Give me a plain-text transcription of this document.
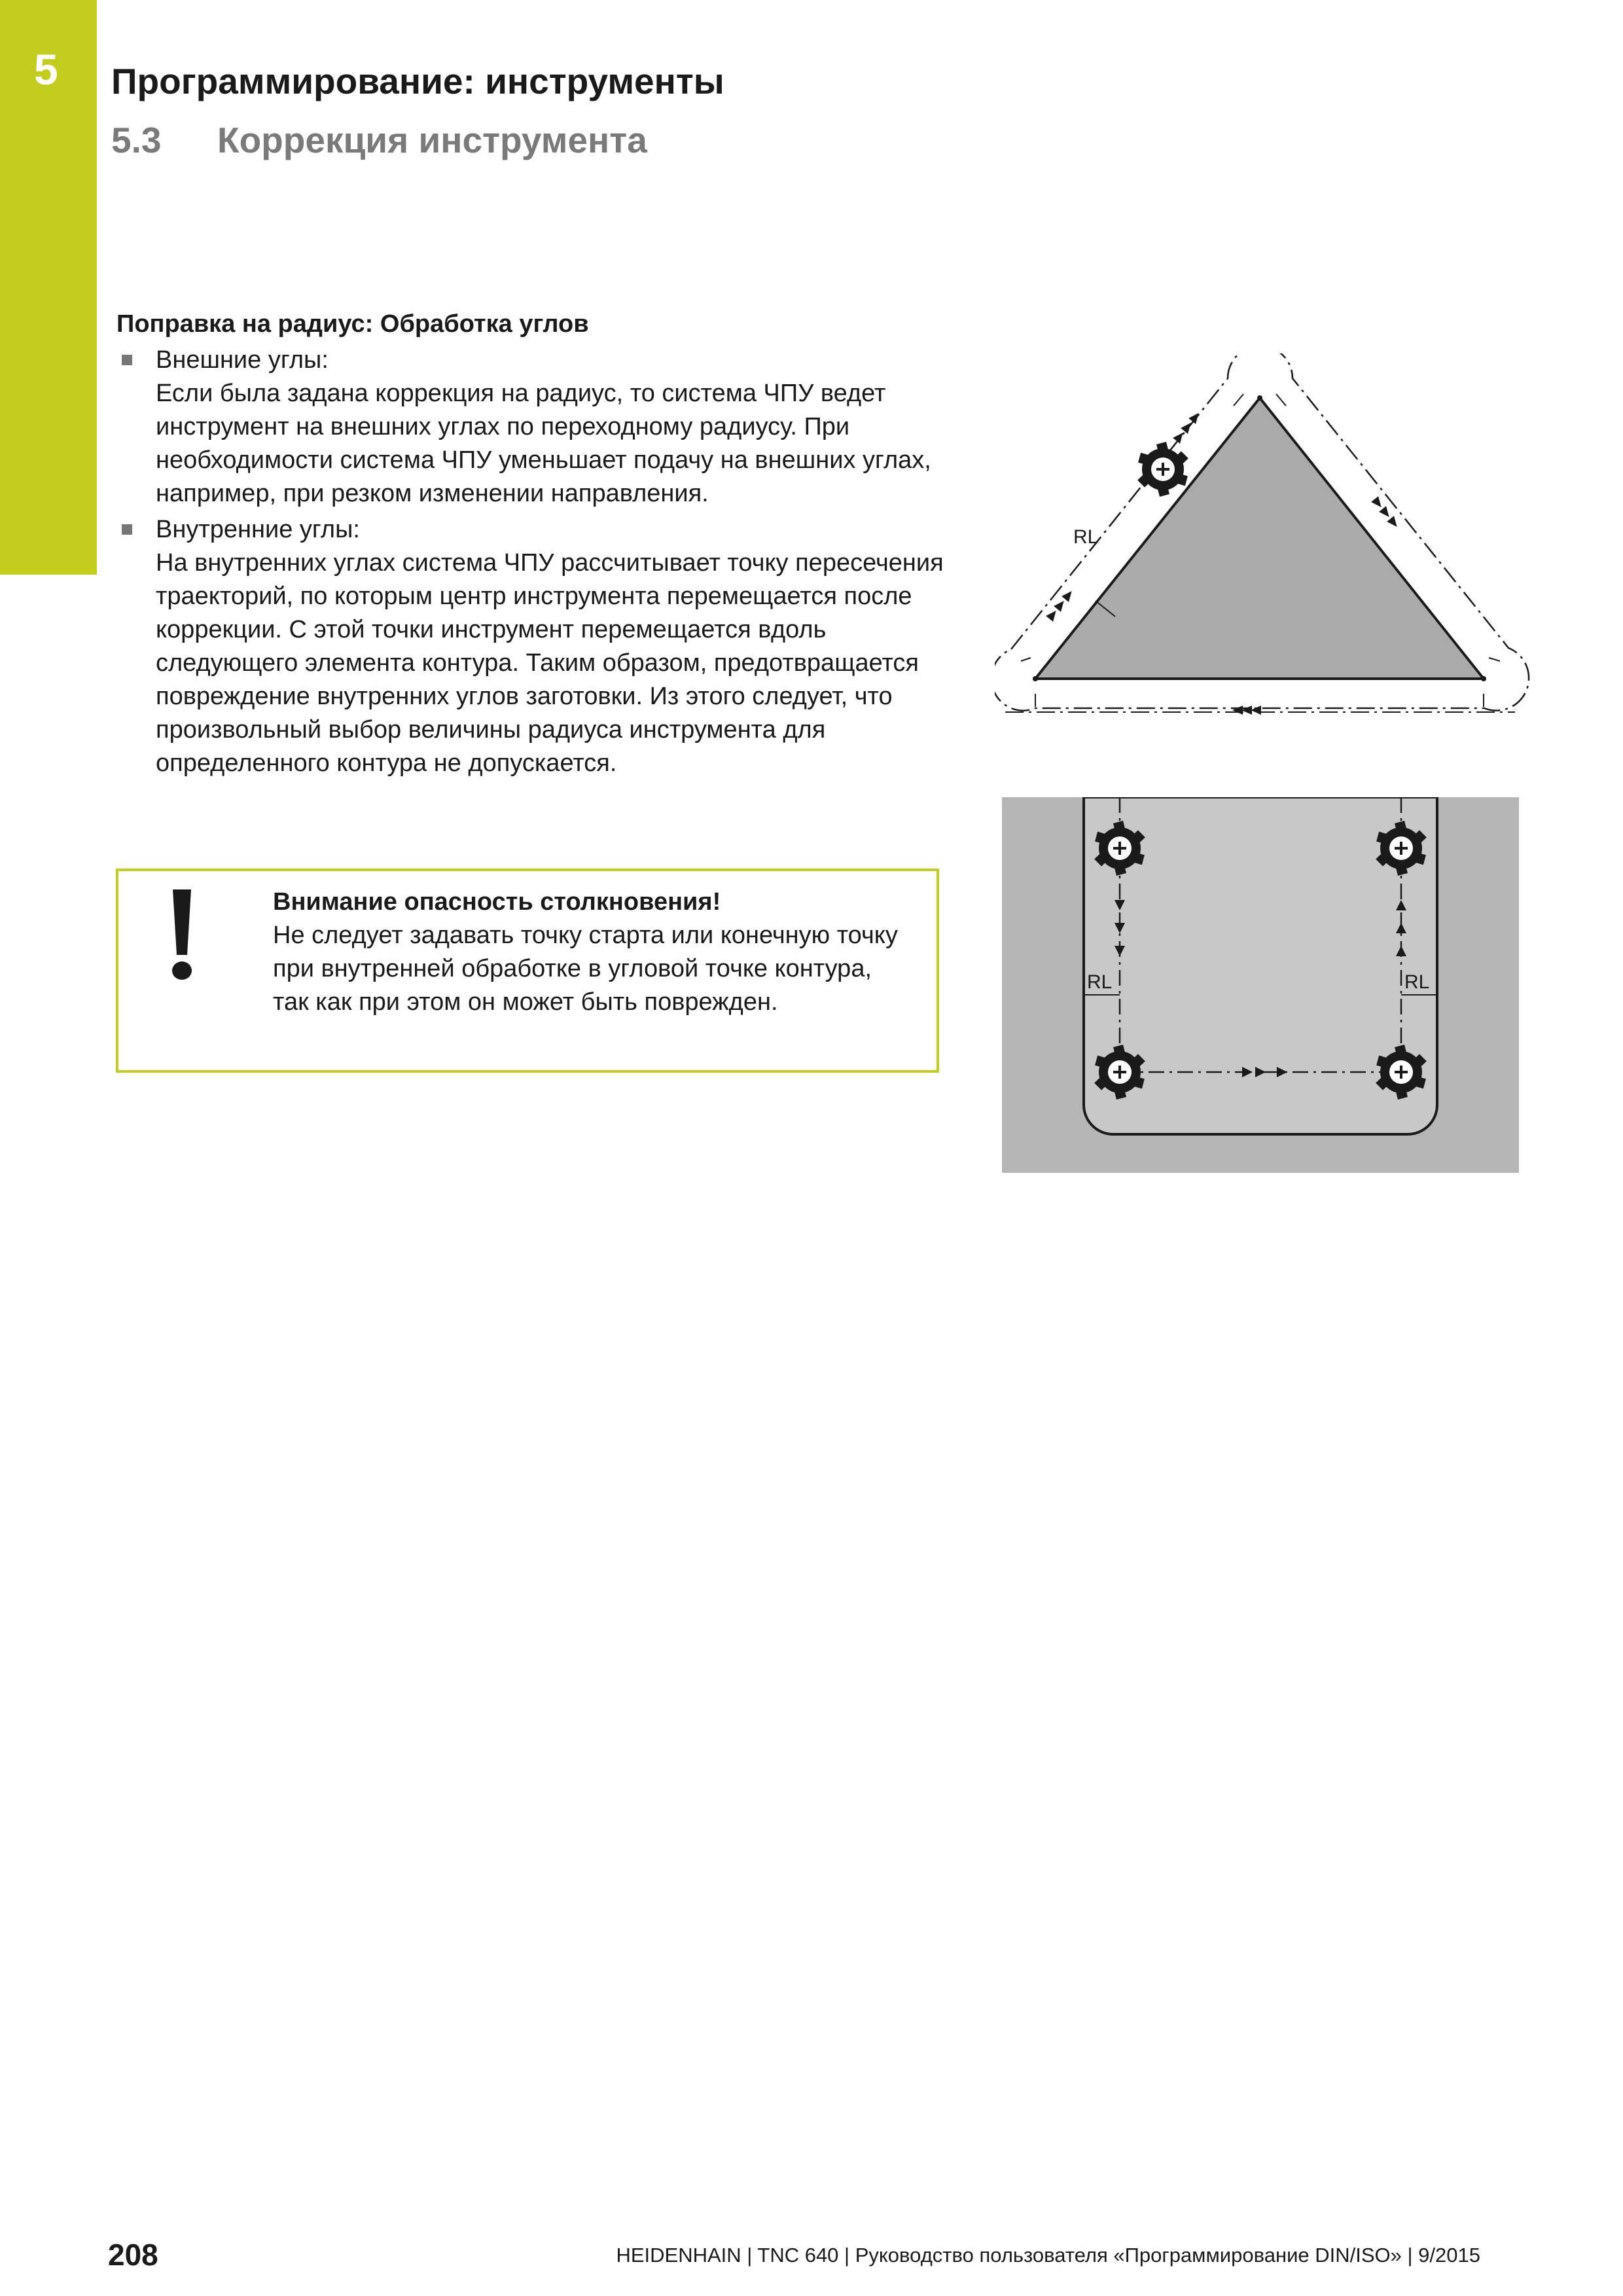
5 Программирование: инструменты
5.3 Коррекция инструмента
Поправка на радиус: Обработка углов
Внешние углы:
Если была задана коррекция на радиус, то система ЧПУ ведет инструмент на внешних углах по переходному радиусу. При необходимости система ЧПУ уменьшает подачу на внешних углах, например, при резком изменении направления.
Внутренние углы:
На внутренних углах система ЧПУ рассчитывает точку пересечения траекторий, по которым центр инструмента перемещается после коррекции. С этой точки инструмент перемещается вдоль следующего элемента контура. Таким образом, предотвращается повреждение внутренних углов заготовки. Из этого следует, что произвольный выбор величины радиуса инструмента для определенного контура не допускается.
Внимание опасность столкновения!
Не следует задавать точку старта или конечную точку при внутренней обработке в угловой точке контура, так как при этом он может быть поврежден.
RL
RL	RL
208	HEIDENHAIN | TNC 640 | Руководство пользователя «Программирование DIN/ISO» | 9/2015
